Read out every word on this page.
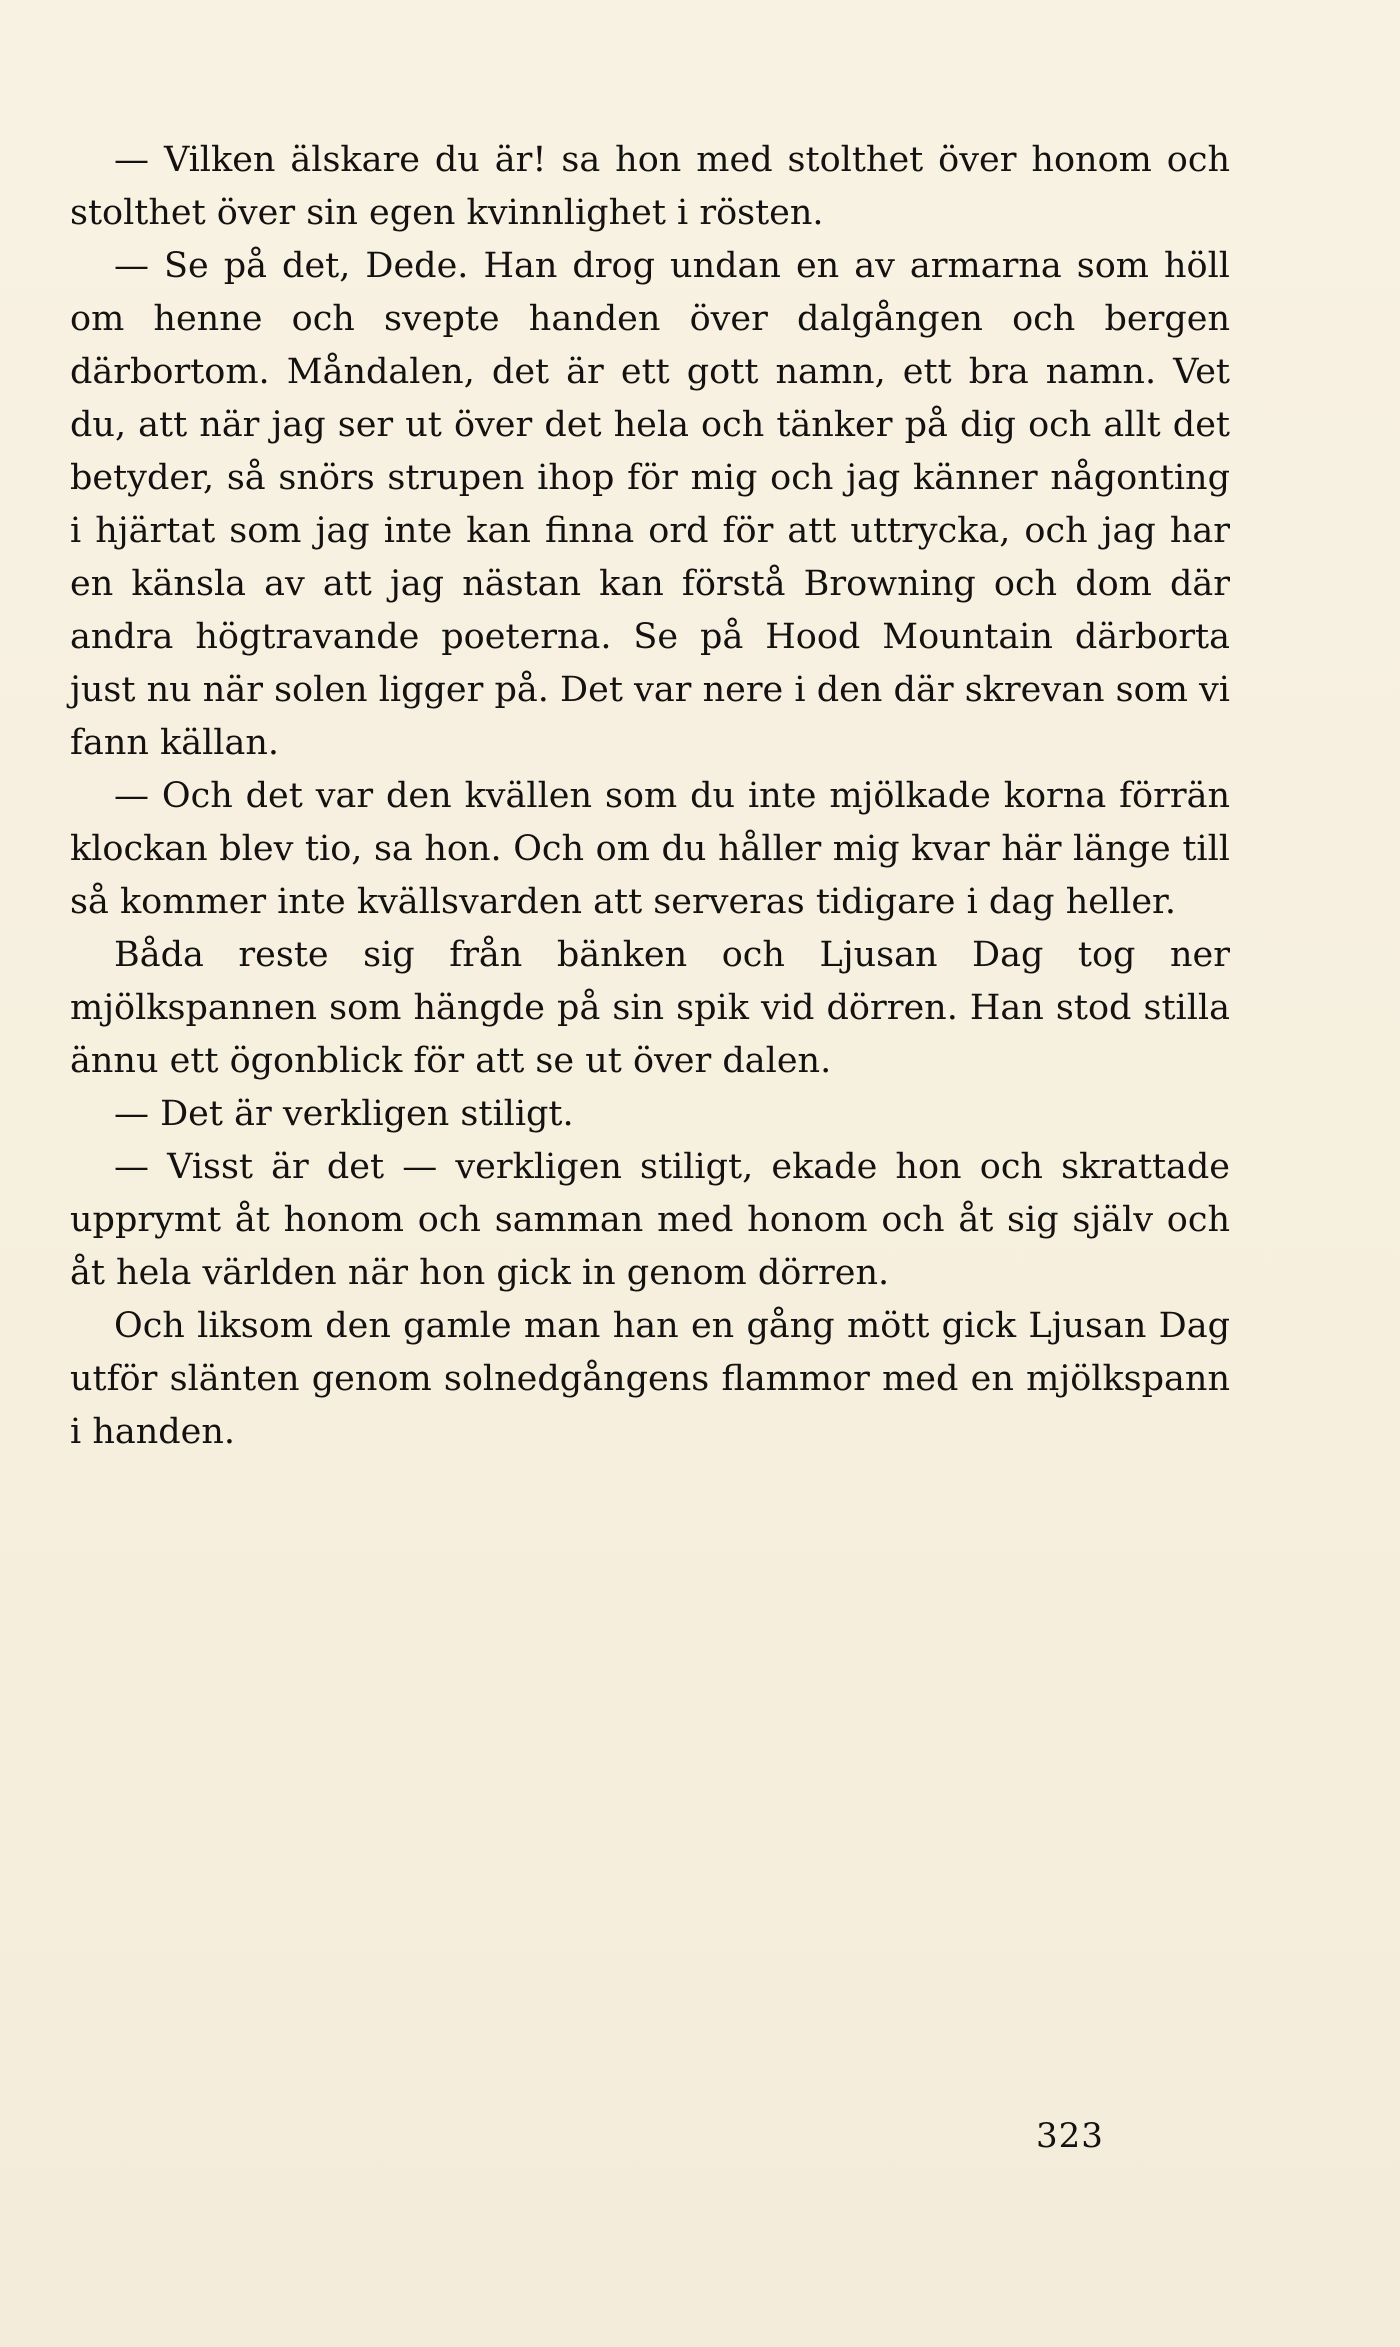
— Vilken älskare du är! sa hon med stolthet över honom och stolthet över sin egen kvinnlighet i rösten.

— Se på det, Dede. Han drog undan en av armarna som höll om henne och svepte handen över dalgången och bergen därbortom. Måndalen, det är ett gott namn, ett bra namn. Vet du, att när jag ser ut över det hela och tänker på dig och allt det betyder, så snörs strupen ihop för mig och jag känner någonting i hjärtat som jag inte kan finna ord för att uttrycka, och jag har en känsla av att jag nästan kan förstå Browning och dom där andra högtravande poeterna. Se på Hood Mountain därborta just nu när solen ligger på. Det var nere i den där skrevan som vi fann källan.

— Och det var den kvällen som du inte mjölkade korna förrän klockan blev tio, sa hon. Och om du håller mig kvar här länge till så kommer inte kvällsvarden att serveras tidigare i dag heller.

Båda reste sig från bänken och Ljusan Dag tog ner mjölkspannen som hängde på sin spik vid dörren. Han stod stilla ännu ett ögonblick för att se ut över dalen.

— Det är verkligen stiligt.

— Visst är det — verkligen stiligt, ekade hon och skrattade upprymt åt honom och samman med honom och åt sig själv och åt hela världen när hon gick in genom dörren.

Och liksom den gamle man han en gång mött gick Ljusan Dag utför slänten genom solnedgångens flammor med en mjölkspann i handen.

323
